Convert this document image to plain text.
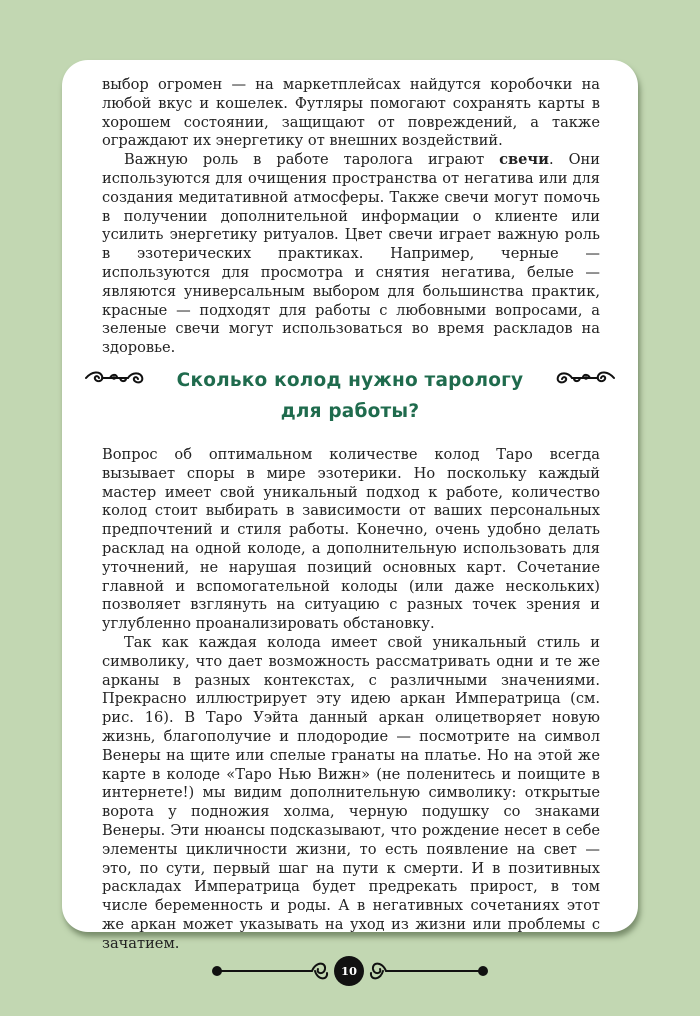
выбор огромен — на маркетплейсах найдутся коробочки на любой вкус и кошелек. Футляры помогают сохранять карты в хорошем состоянии, защищают от повреждений, а также ограждают их энергетику от внешних воздействий.

Важную роль в работе таролога играют свечи. Они используются для очищения пространства от негатива или для создания медитативной атмосферы. Также свечи могут помочь в получении дополнительной информации о клиенте или усилить энергетику ритуалов. Цвет свечи играет важную роль в эзотерических практиках. Например, черные — используются для просмотра и снятия негатива, белые — являются универсальным выбором для большинства практик, красные — подходят для работы с любовными вопросами, а зеленые свечи могут использоваться во время раскладов на здоровье.

Сколько колод нужно тарологу
для работы?

Вопрос об оптимальном количестве колод Таро всегда вызывает споры в мире эзотерики. Но поскольку каждый мастер имеет свой уникальный подход к работе, количество колод стоит выбирать в зависимости от ваших персональных предпочтений и стиля работы. Конечно, очень удобно делать расклад на одной колоде, а дополнительную использовать для уточнений, не нарушая позиций основных карт. Сочетание главной и вспомогательной колоды (или даже нескольких) позволяет взглянуть на ситуацию с разных точек зрения и углубленно проанализировать обстановку.

Так как каждая колода имеет свой уникальный стиль и символику, что дает возможность рассматривать одни и те же арканы в разных контекстах, с различными значениями. Прекрасно иллюстрирует эту идею аркан Императрица (см. рис. 16). В Таро Уэйта данный аркан олицетворяет новую жизнь, благополучие и плодородие — посмотрите на символ Венеры на щите или спелые гранаты на платье. Но на этой же карте в колоде «Таро Нью Вижн» (не поленитесь и поищите в интернете!) мы видим дополнительную символику: открытые ворота у подножия холма, черную подушку со знаками Венеры. Эти нюансы подсказывают, что рождение несет в себе элементы цикличности жизни, то есть появление на свет — это, по сути, первый шаг на пути к смерти. И в позитивных раскладах Императрица будет предрекать прирост, в том числе беременность и роды. А в негативных сочетаниях этот же аркан может указывать на уход из жизни или проблемы с зачатием.

10
